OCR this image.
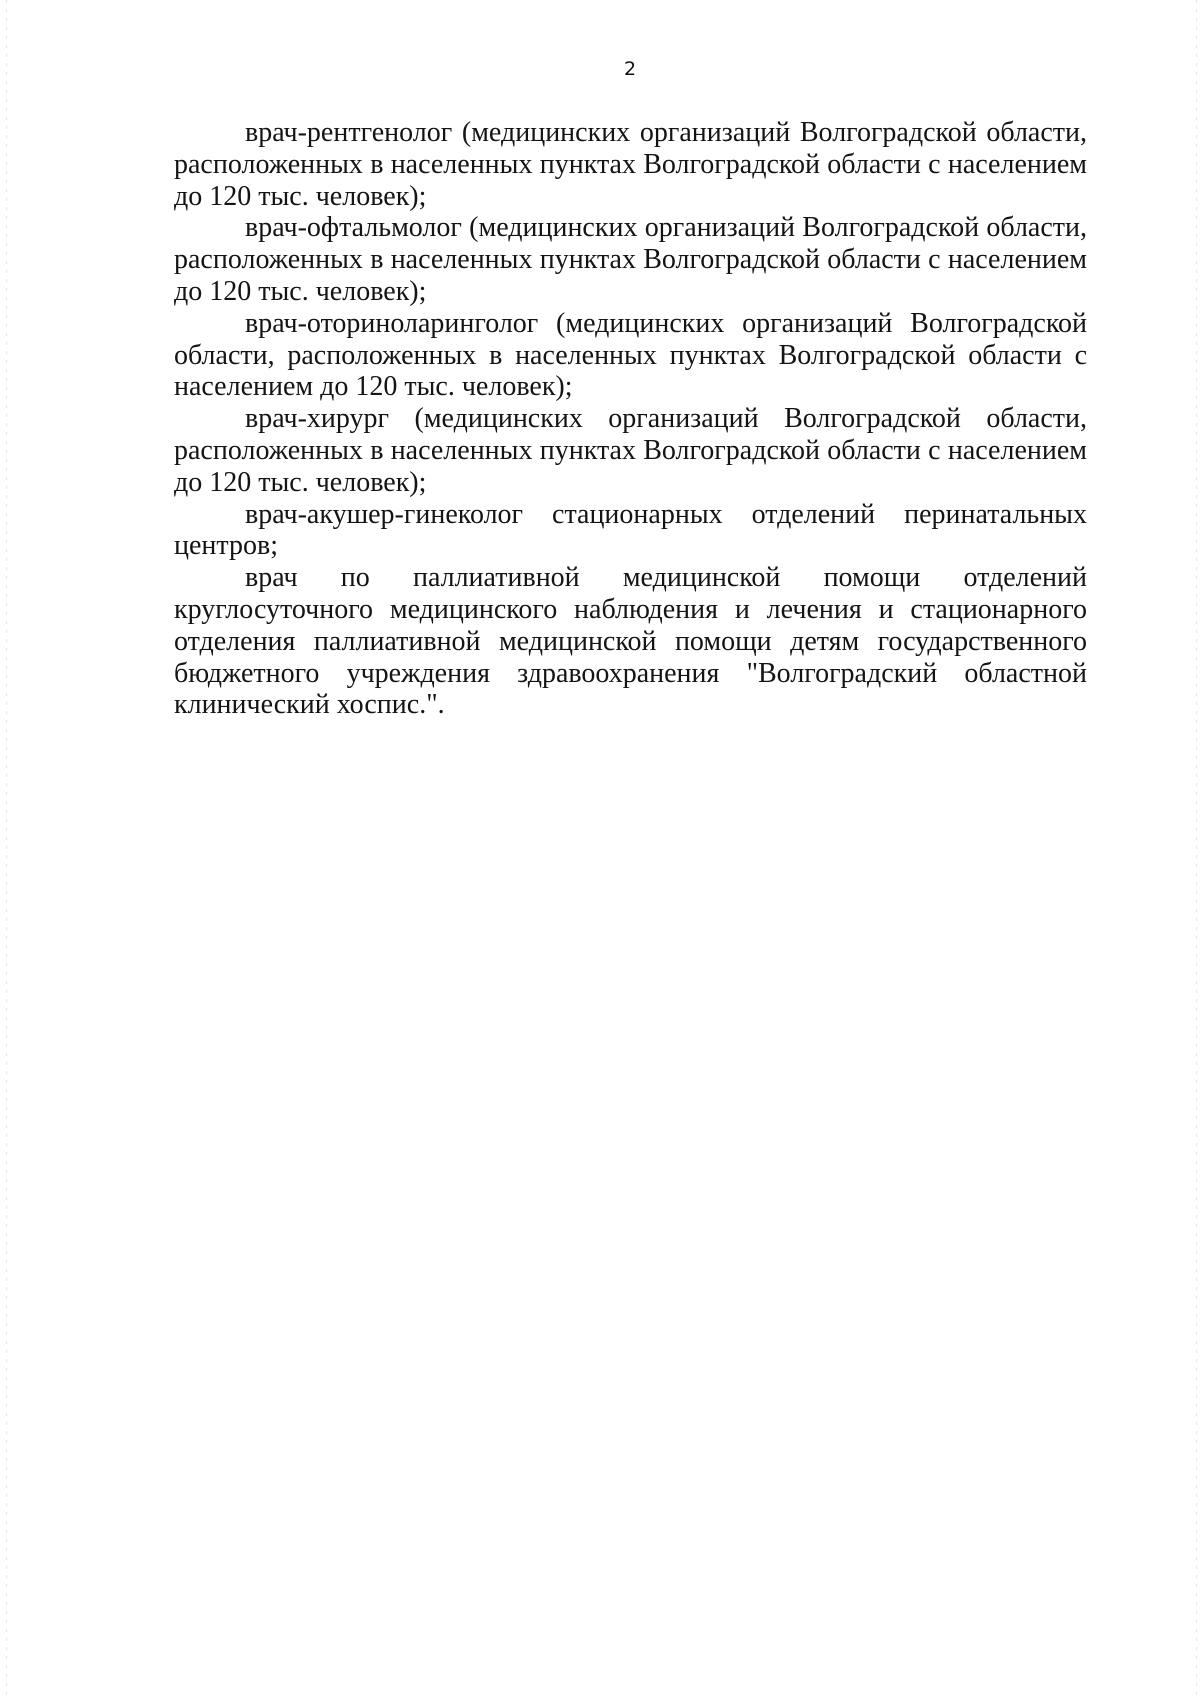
2

врач-рентгенолог (медицинских организаций Волгоградской области, расположенных в населенных пунктах Волгоградской области с населением до 120 тыс. человек);

врач-офтальмолог (медицинских организаций Волгоградской области, расположенных в населенных пунктах Волгоградской области с населением до 120 тыс. человек);

врач-оториноларинголог (медицинских организаций Волгоградской области, расположенных в населенных пунктах Волгоградской области с населением до 120 тыс. человек);

врач-хирург (медицинских организаций Волгоградской области, расположенных в населенных пунктах Волгоградской области с населением до 120 тыс. человек);

врач-акушер-гинеколог стационарных отделений перинатальных центров;

врач по паллиативной медицинской помощи отделений круглосуточного медицинского наблюдения и лечения и стационарного отделения паллиативной медицинской помощи детям государственного бюджетного учреждения здравоохранения "Волгоградский областной клинический хоспис.".
